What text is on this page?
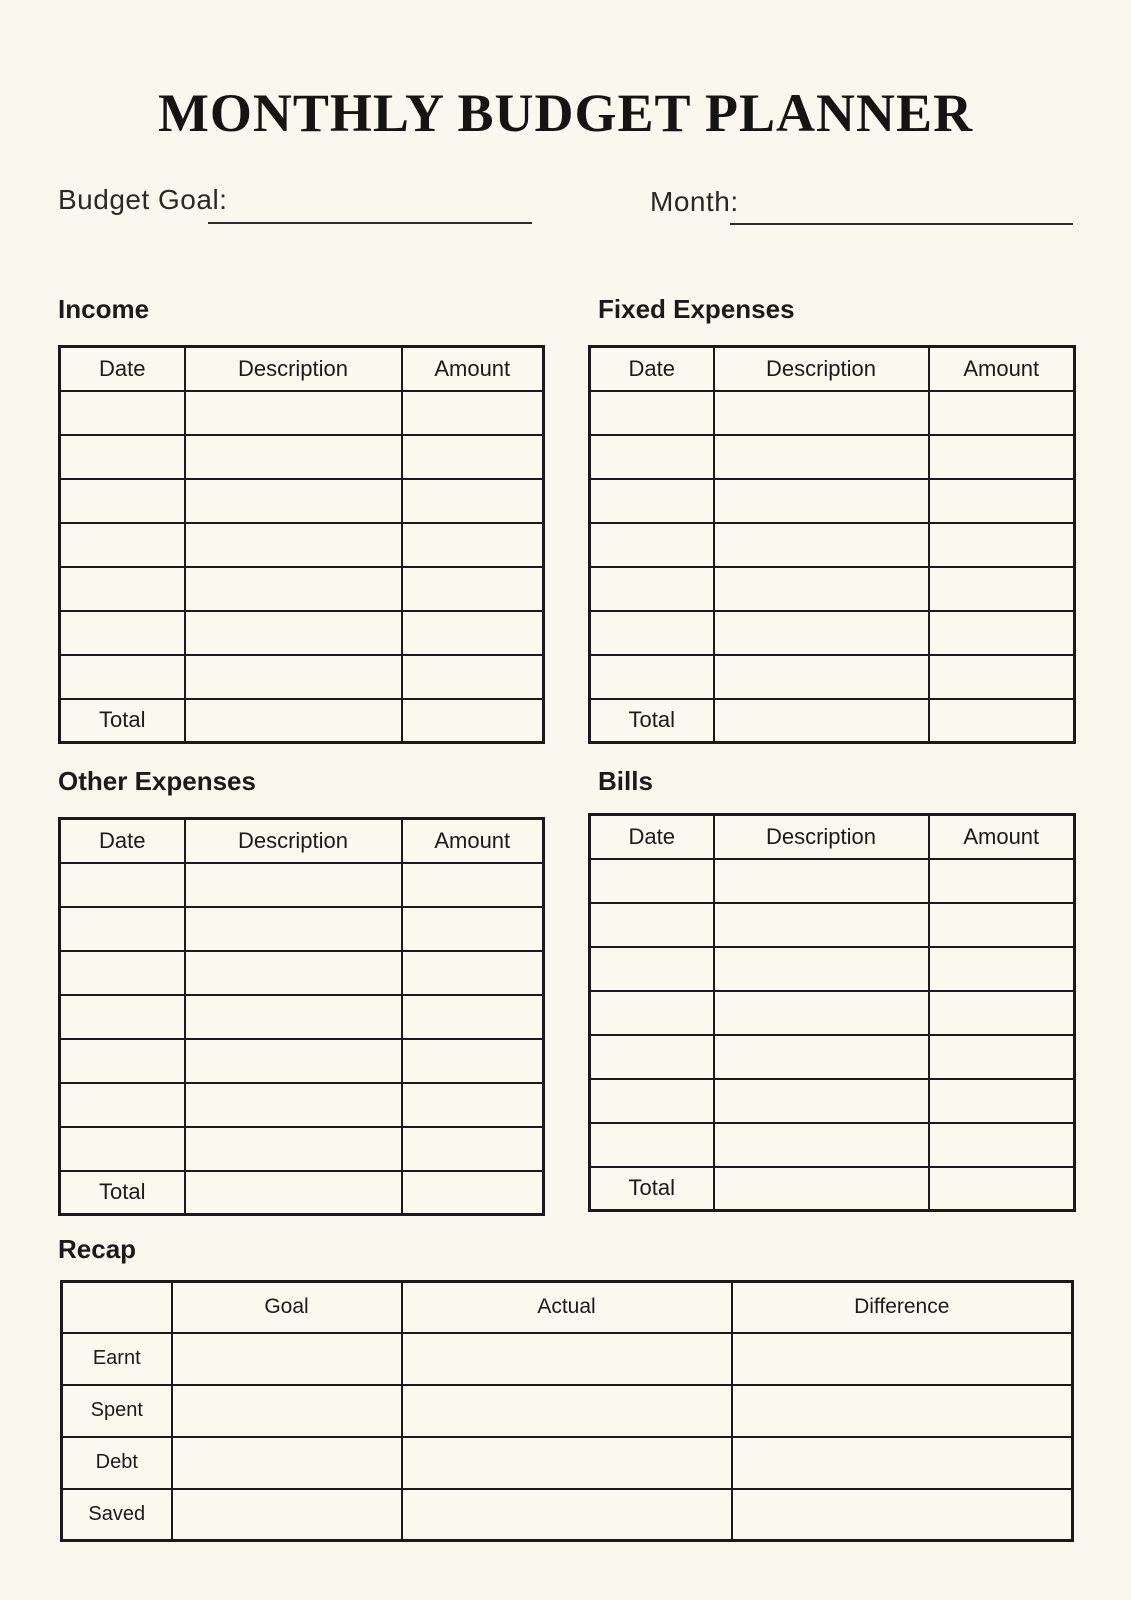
MONTHLY BUDGET PLANNER
Budget Goal:	Month:
Income	Fixed Expenses
Date	Description	Amount

Total		
Date	Description	Amount

Total		
Other Expenses	Bills
Date	Description	Amount

Total		
Date	Description	Amount

Total		
Recap
	Goal	Actual	Difference
Earnt			
Spent			
Debt			
Saved			
